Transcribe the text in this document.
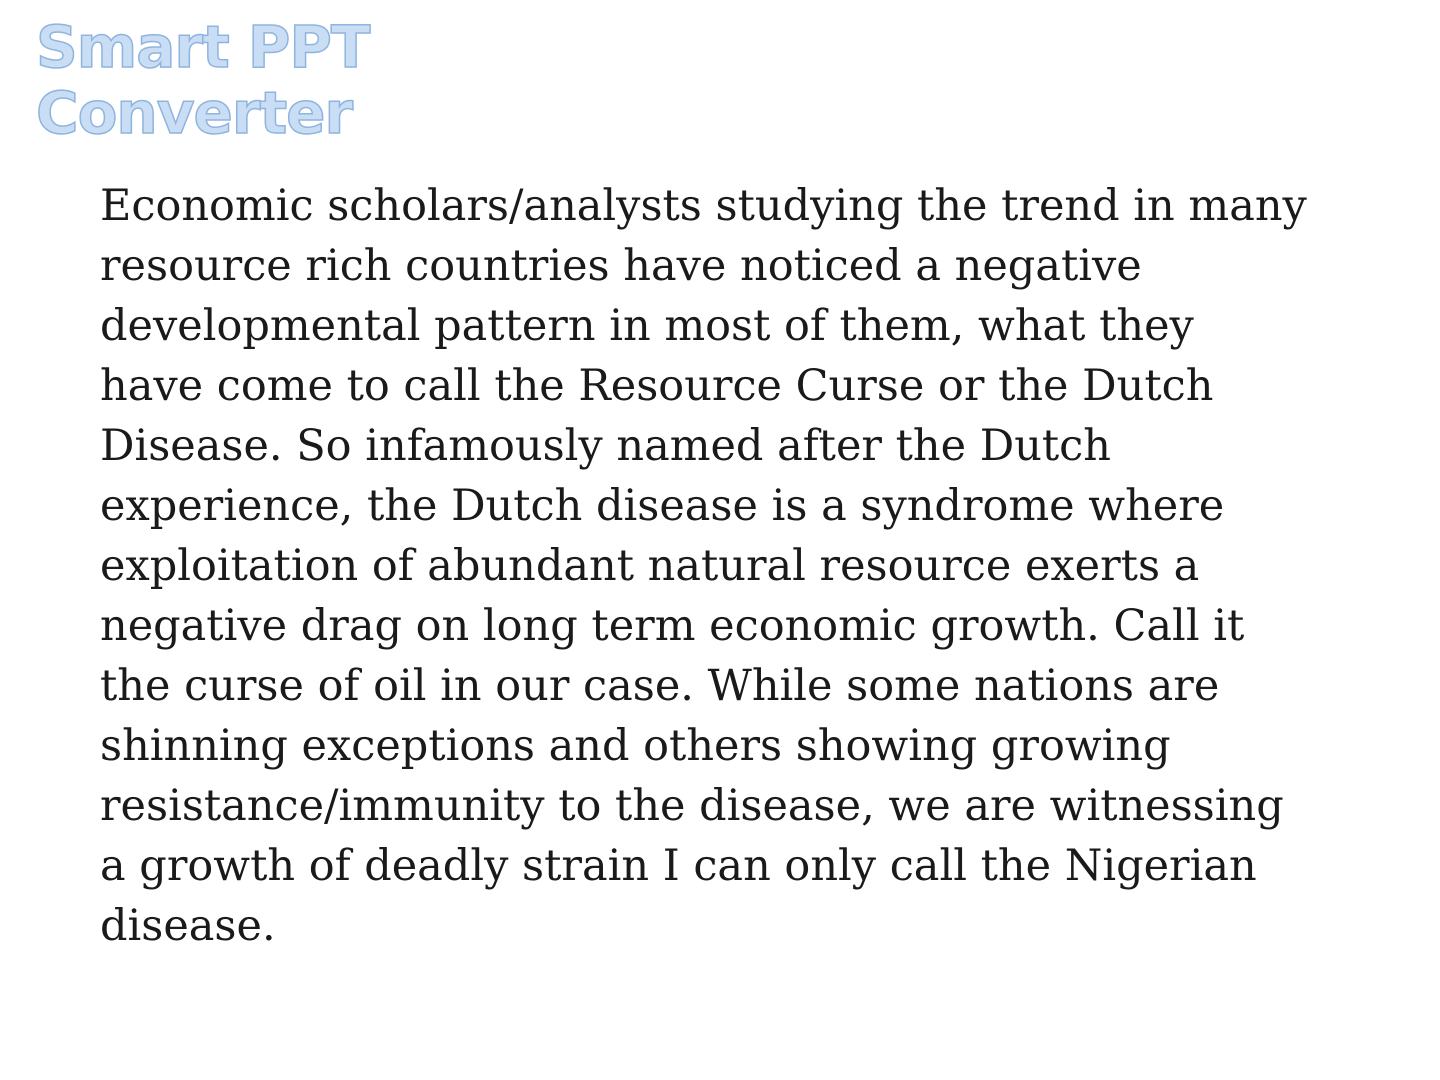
Smart PPT
Converter

Economic scholars/analysts studying the trend in many
resource rich countries have noticed a negative
developmental pattern in most of them, what they
have come to call the Resource Curse or the Dutch
Disease. So infamously named after the Dutch
experience, the Dutch disease is a syndrome where
exploitation of abundant natural resource exerts a
negative drag on long term economic growth. Call it
the curse of oil in our case. While some nations are
shinning exceptions and others showing growing
resistance/immunity to the disease, we are witnessing
a growth of deadly strain I can only call the Nigerian
disease.
